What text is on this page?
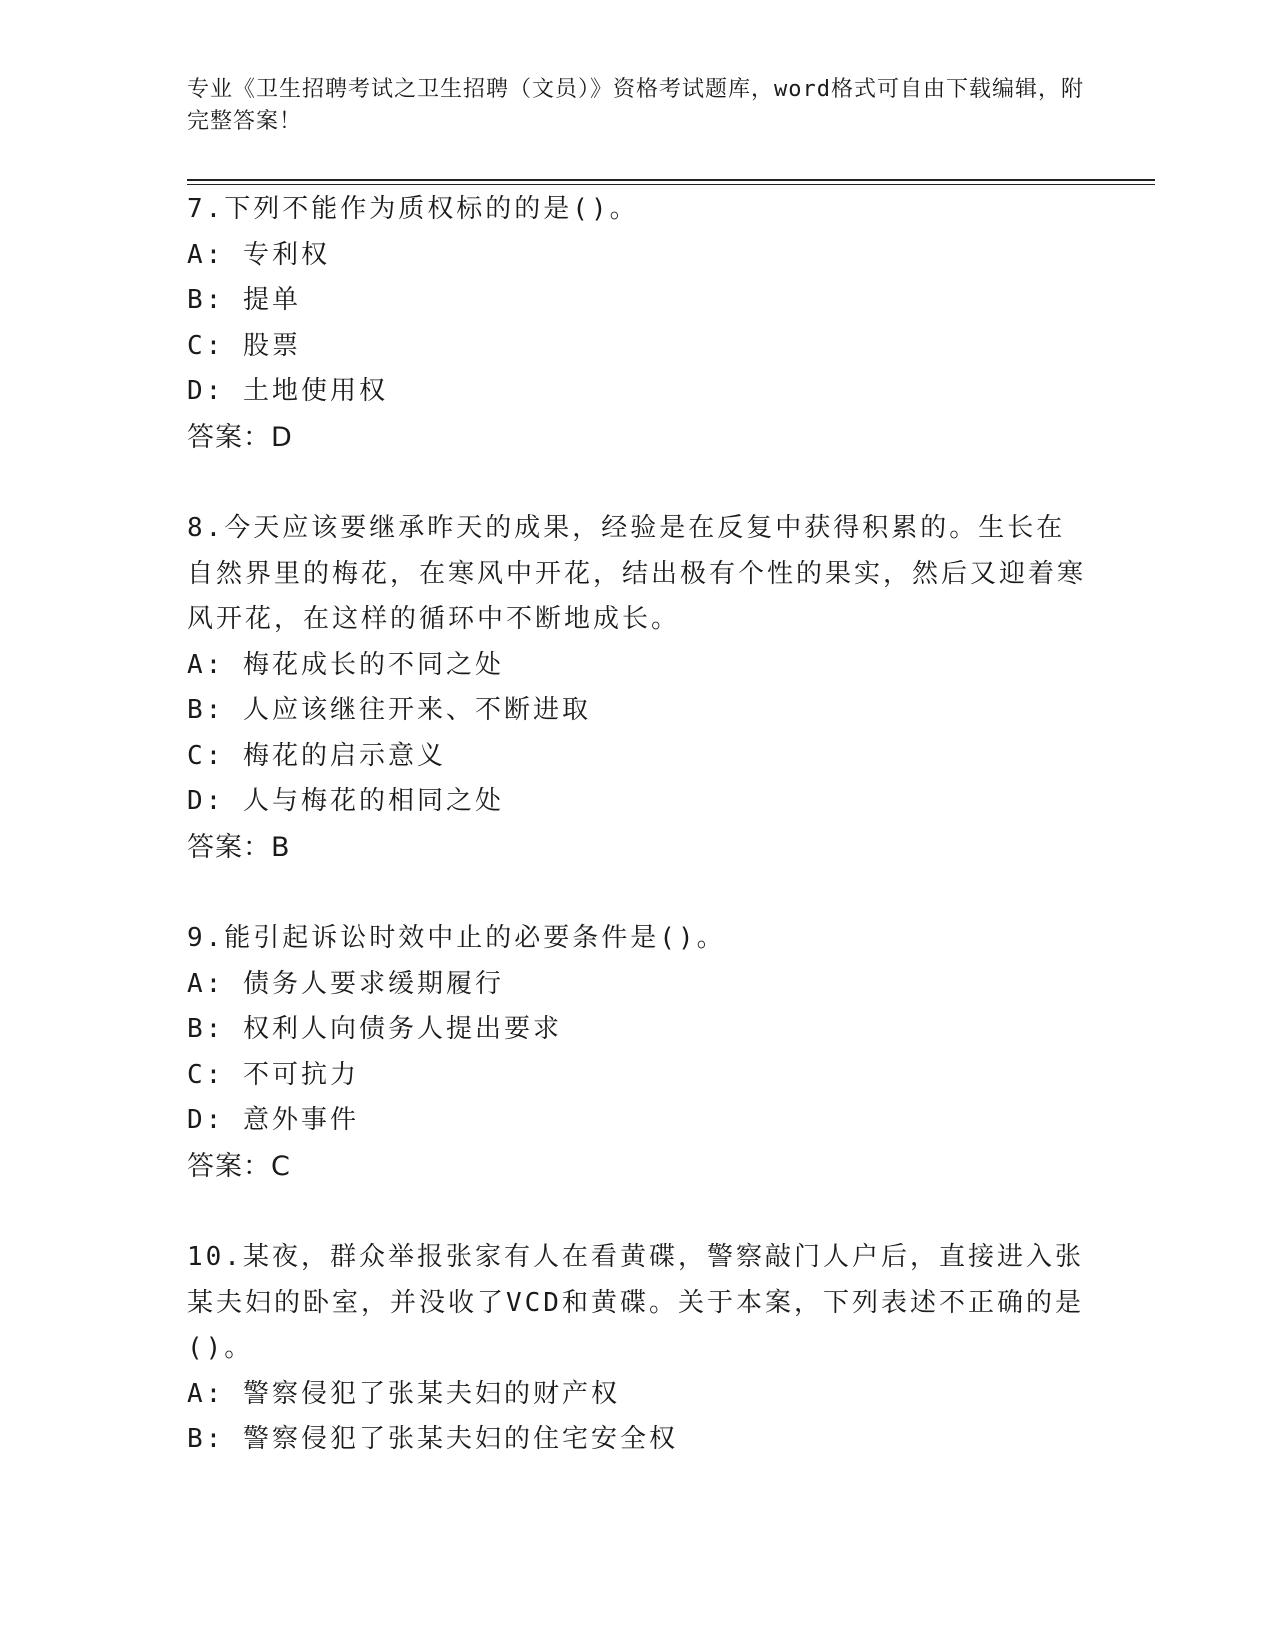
专业《卫生招聘考试之卫生招聘（文员）》资格考试题库，word格式可自由下载编辑，附完整答案！
7.下列不能作为质权标的的是()。
A: 专利权
B: 提单
C: 股票
D: 土地使用权
答案：D
8.今天应该要继承昨天的成果，经验是在反复中获得积累的。生长在自然界里的梅花，在寒风中开花，结出极有个性的果实，然后又迎着寒风开花，在这样的循环中不断地成长。
A: 梅花成长的不同之处
B: 人应该继往开来、不断进取
C: 梅花的启示意义
D: 人与梅花的相同之处
答案：B
9.能引起诉讼时效中止的必要条件是()。
A: 债务人要求缓期履行
B: 权利人向债务人提出要求
C: 不可抗力
D: 意外事件
答案：C
10.某夜，群众举报张家有人在看黄碟，警察敲门人户后，直接进入张某夫妇的卧室，并没收了VCD和黄碟。关于本案，下列表述不正确的是()。
A: 警察侵犯了张某夫妇的财产权
B: 警察侵犯了张某夫妇的住宅安全权
